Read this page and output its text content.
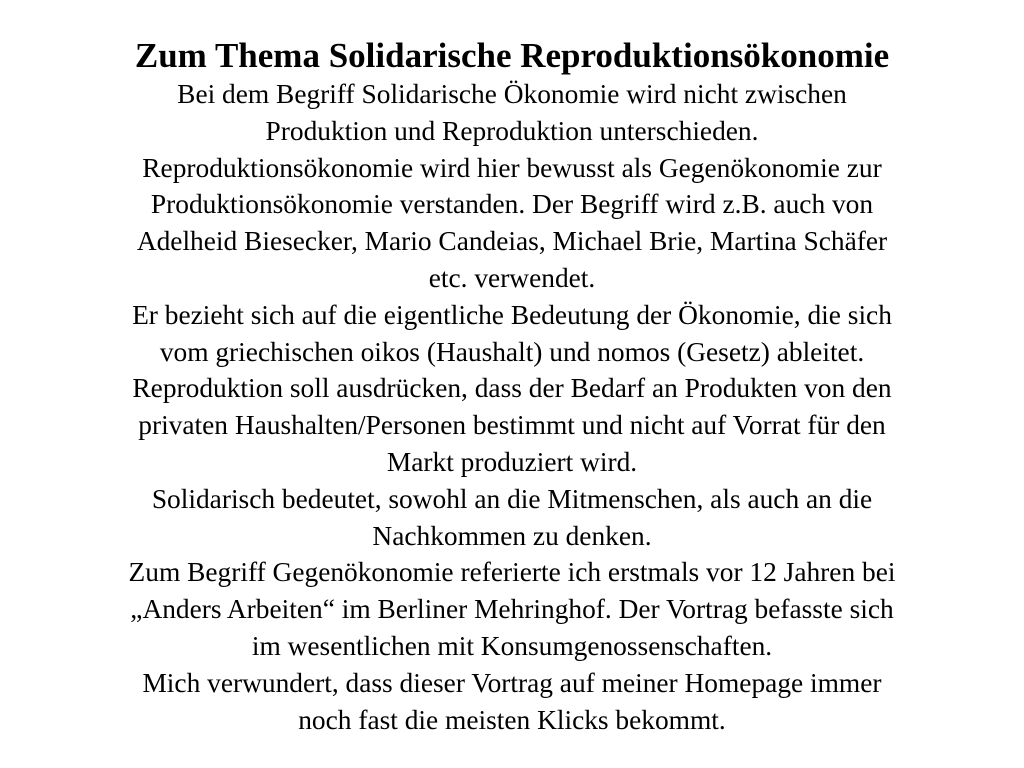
Zum Thema Solidarische Reproduktionsökonomie

Bei dem Begriff Solidarische Ökonomie wird nicht zwischen

Produktion und Reproduktion unterschieden.

Reproduktionsökonomie wird hier bewusst als Gegenökonomie zur

Produktionsökonomie verstanden. Der Begriff wird z.B. auch von

Adelheid Biesecker, Mario Candeias, Michael Brie, Martina Schäfer

etc. verwendet.

Er bezieht sich auf die eigentliche Bedeutung der Ökonomie, die sich

vom griechischen oikos (Haushalt) und nomos (Gesetz) ableitet.

Reproduktion soll ausdrücken, dass der Bedarf an Produkten von den

privaten Haushalten/Personen bestimmt und nicht auf Vorrat für den

Markt produziert wird.

Solidarisch bedeutet, sowohl an die Mitmenschen, als auch an die

Nachkommen zu denken.

Zum Begriff Gegenökonomie referierte ich erstmals vor 12 Jahren bei

„Anders Arbeiten“ im Berliner Mehringhof. Der Vortrag befasste sich

im wesentlichen mit Konsumgenossenschaften.

Mich verwundert, dass dieser Vortrag auf meiner Homepage immer

noch fast die meisten Klicks bekommt.
